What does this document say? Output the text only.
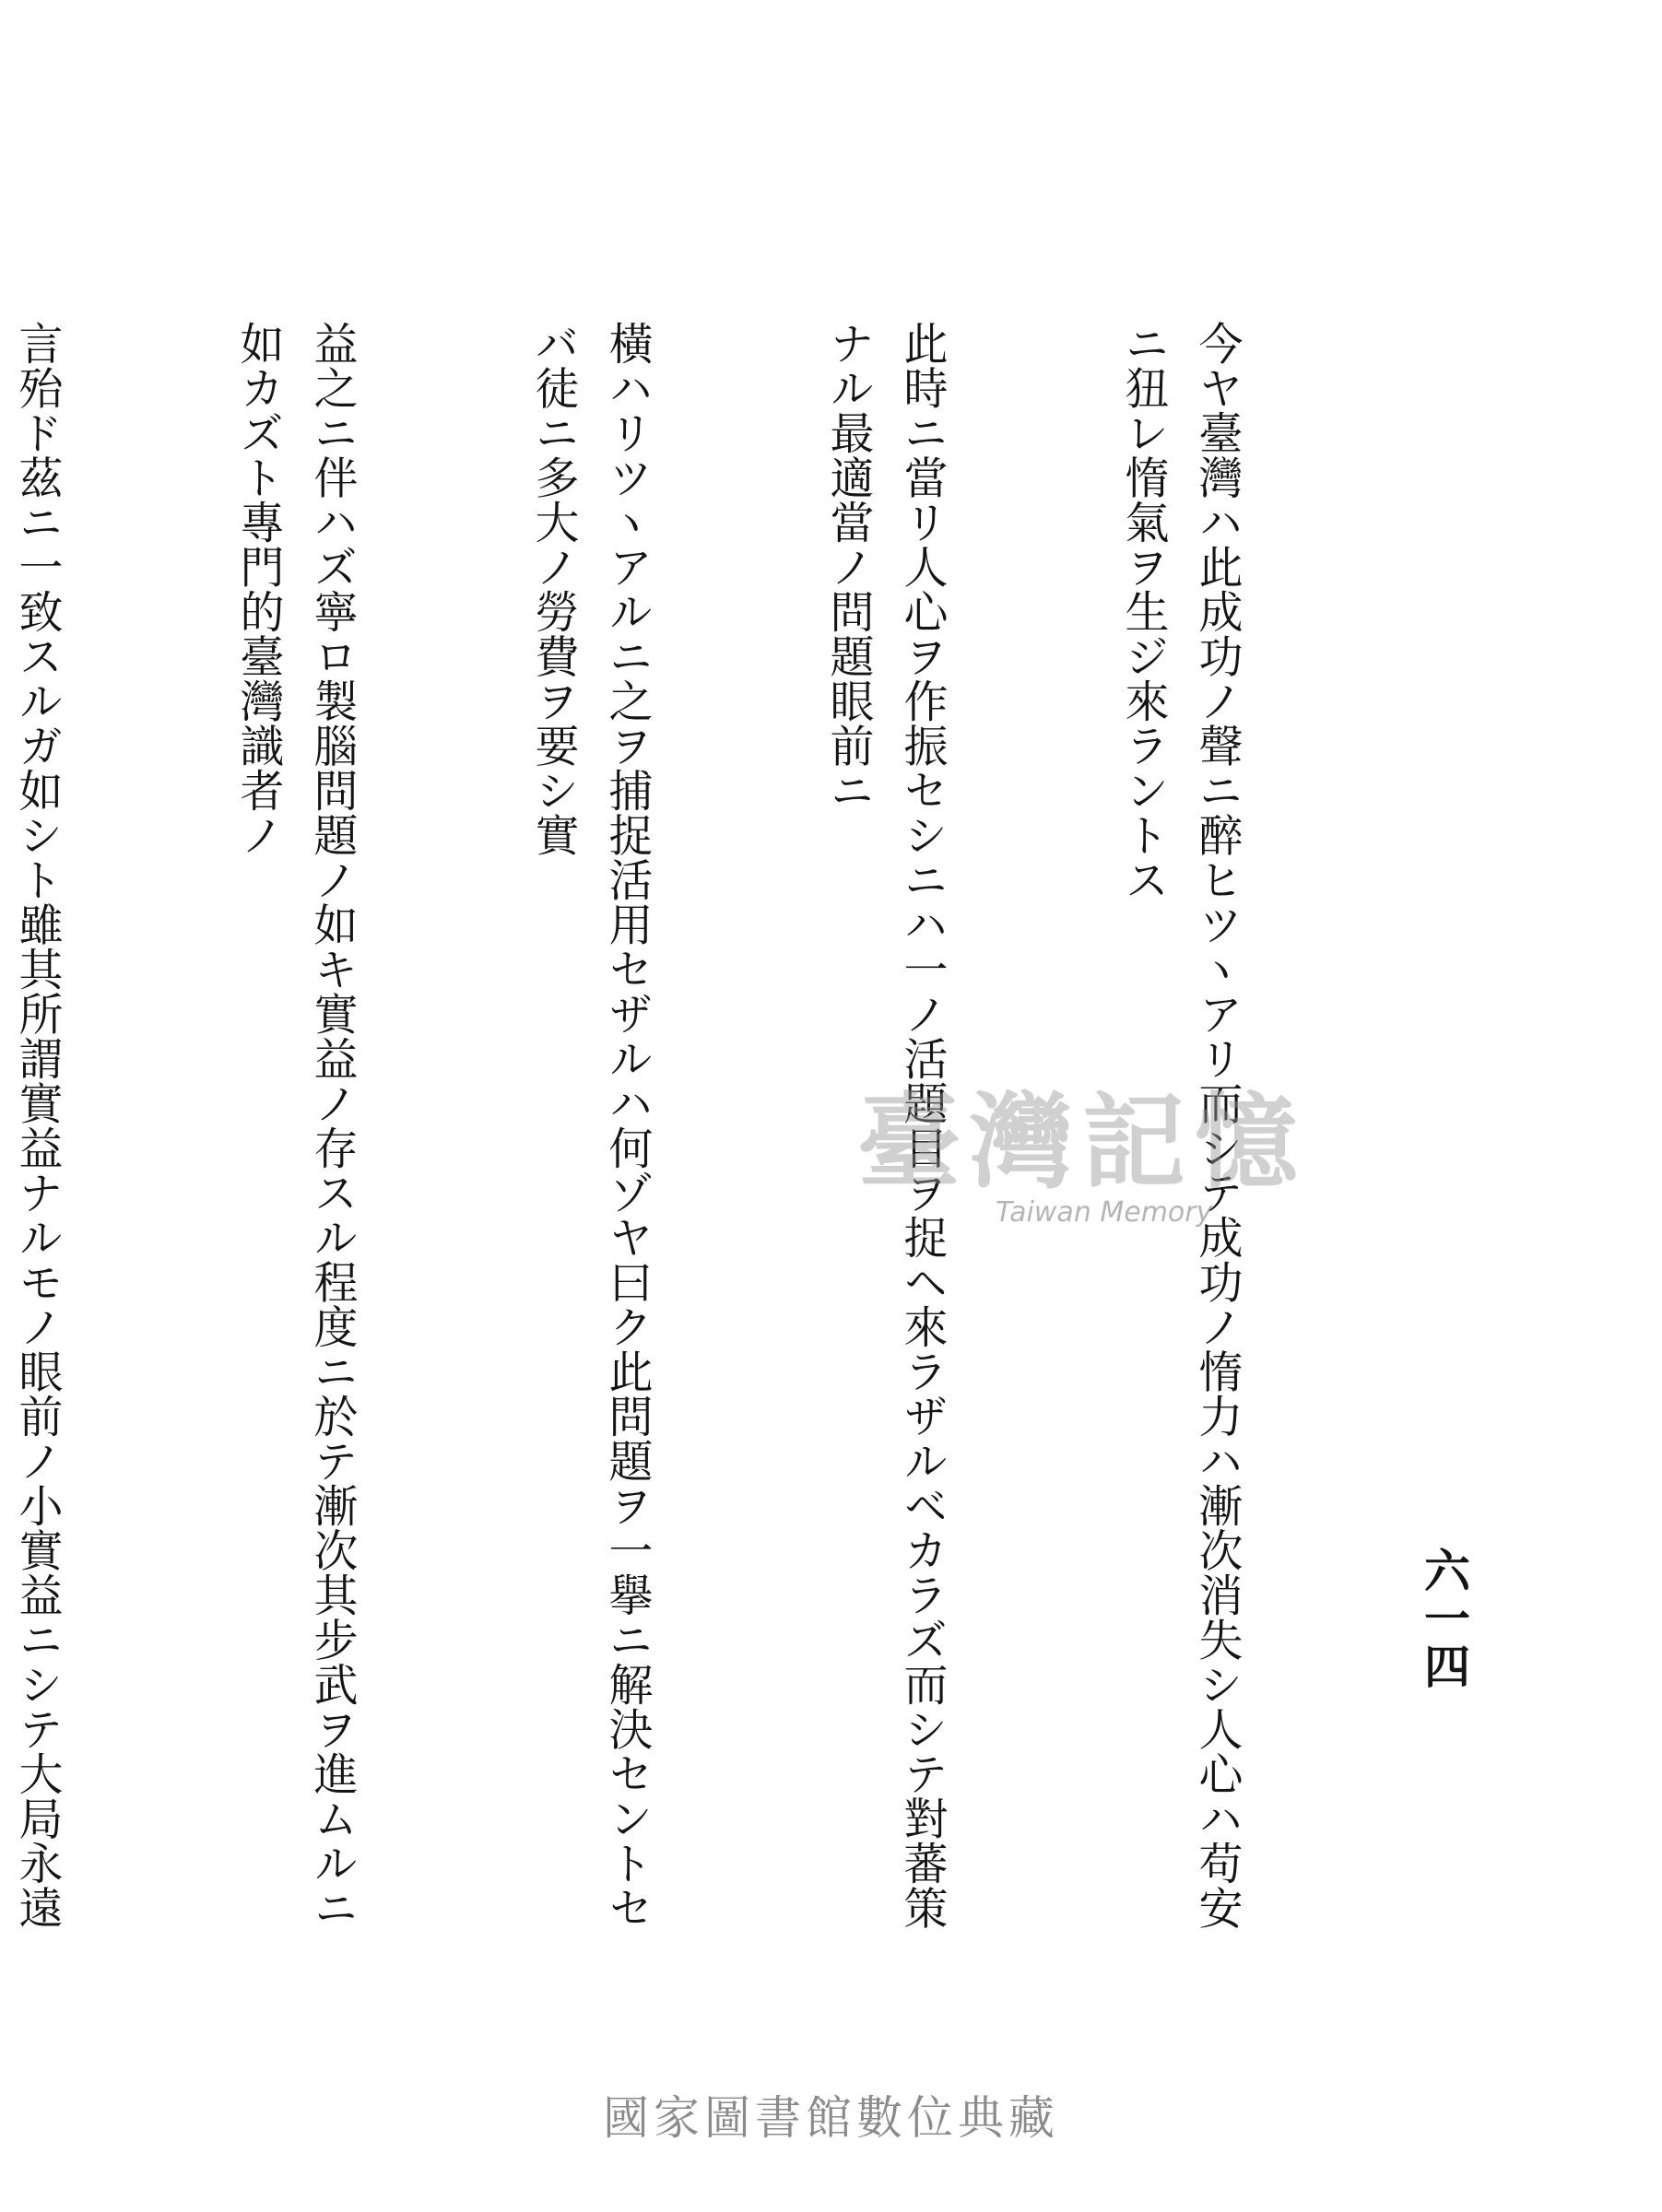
六一四

今ヤ臺灣ハ此成功ノ聲ニ醉ヒツヽアリ而シテ成功ノ惰力ハ漸次消失シ人心ハ苟安ニ狃レ惰氣ヲ生ジ來ラントス

此時ニ當リ人心ヲ作振セシニハ一ノ活題目ヲ捉ヘ來ラザルベカラズ而シテ對蕃策ナル最適當ノ問題眼前ニ

橫ハリツヽアルニ之ヲ捕捉活用セザルハ何ゾヤ曰ク此問題ヲ一擧ニ解決セントセバ徒ニ多大ノ勞費ヲ要シ實

益之ニ伴ハズ寧ロ製腦問題ノ如キ實益ノ存スル程度ニ於テ漸次其步武ヲ進ムルニ如カズト專門的臺灣識者ノ

言殆ド茲ニ一致スルガ如シト雖其所謂實益ナルモノ眼前ノ小實益ニシテ大局永遠

臺灣記憶
Taiwan Memory
國家圖書館數位典藏
